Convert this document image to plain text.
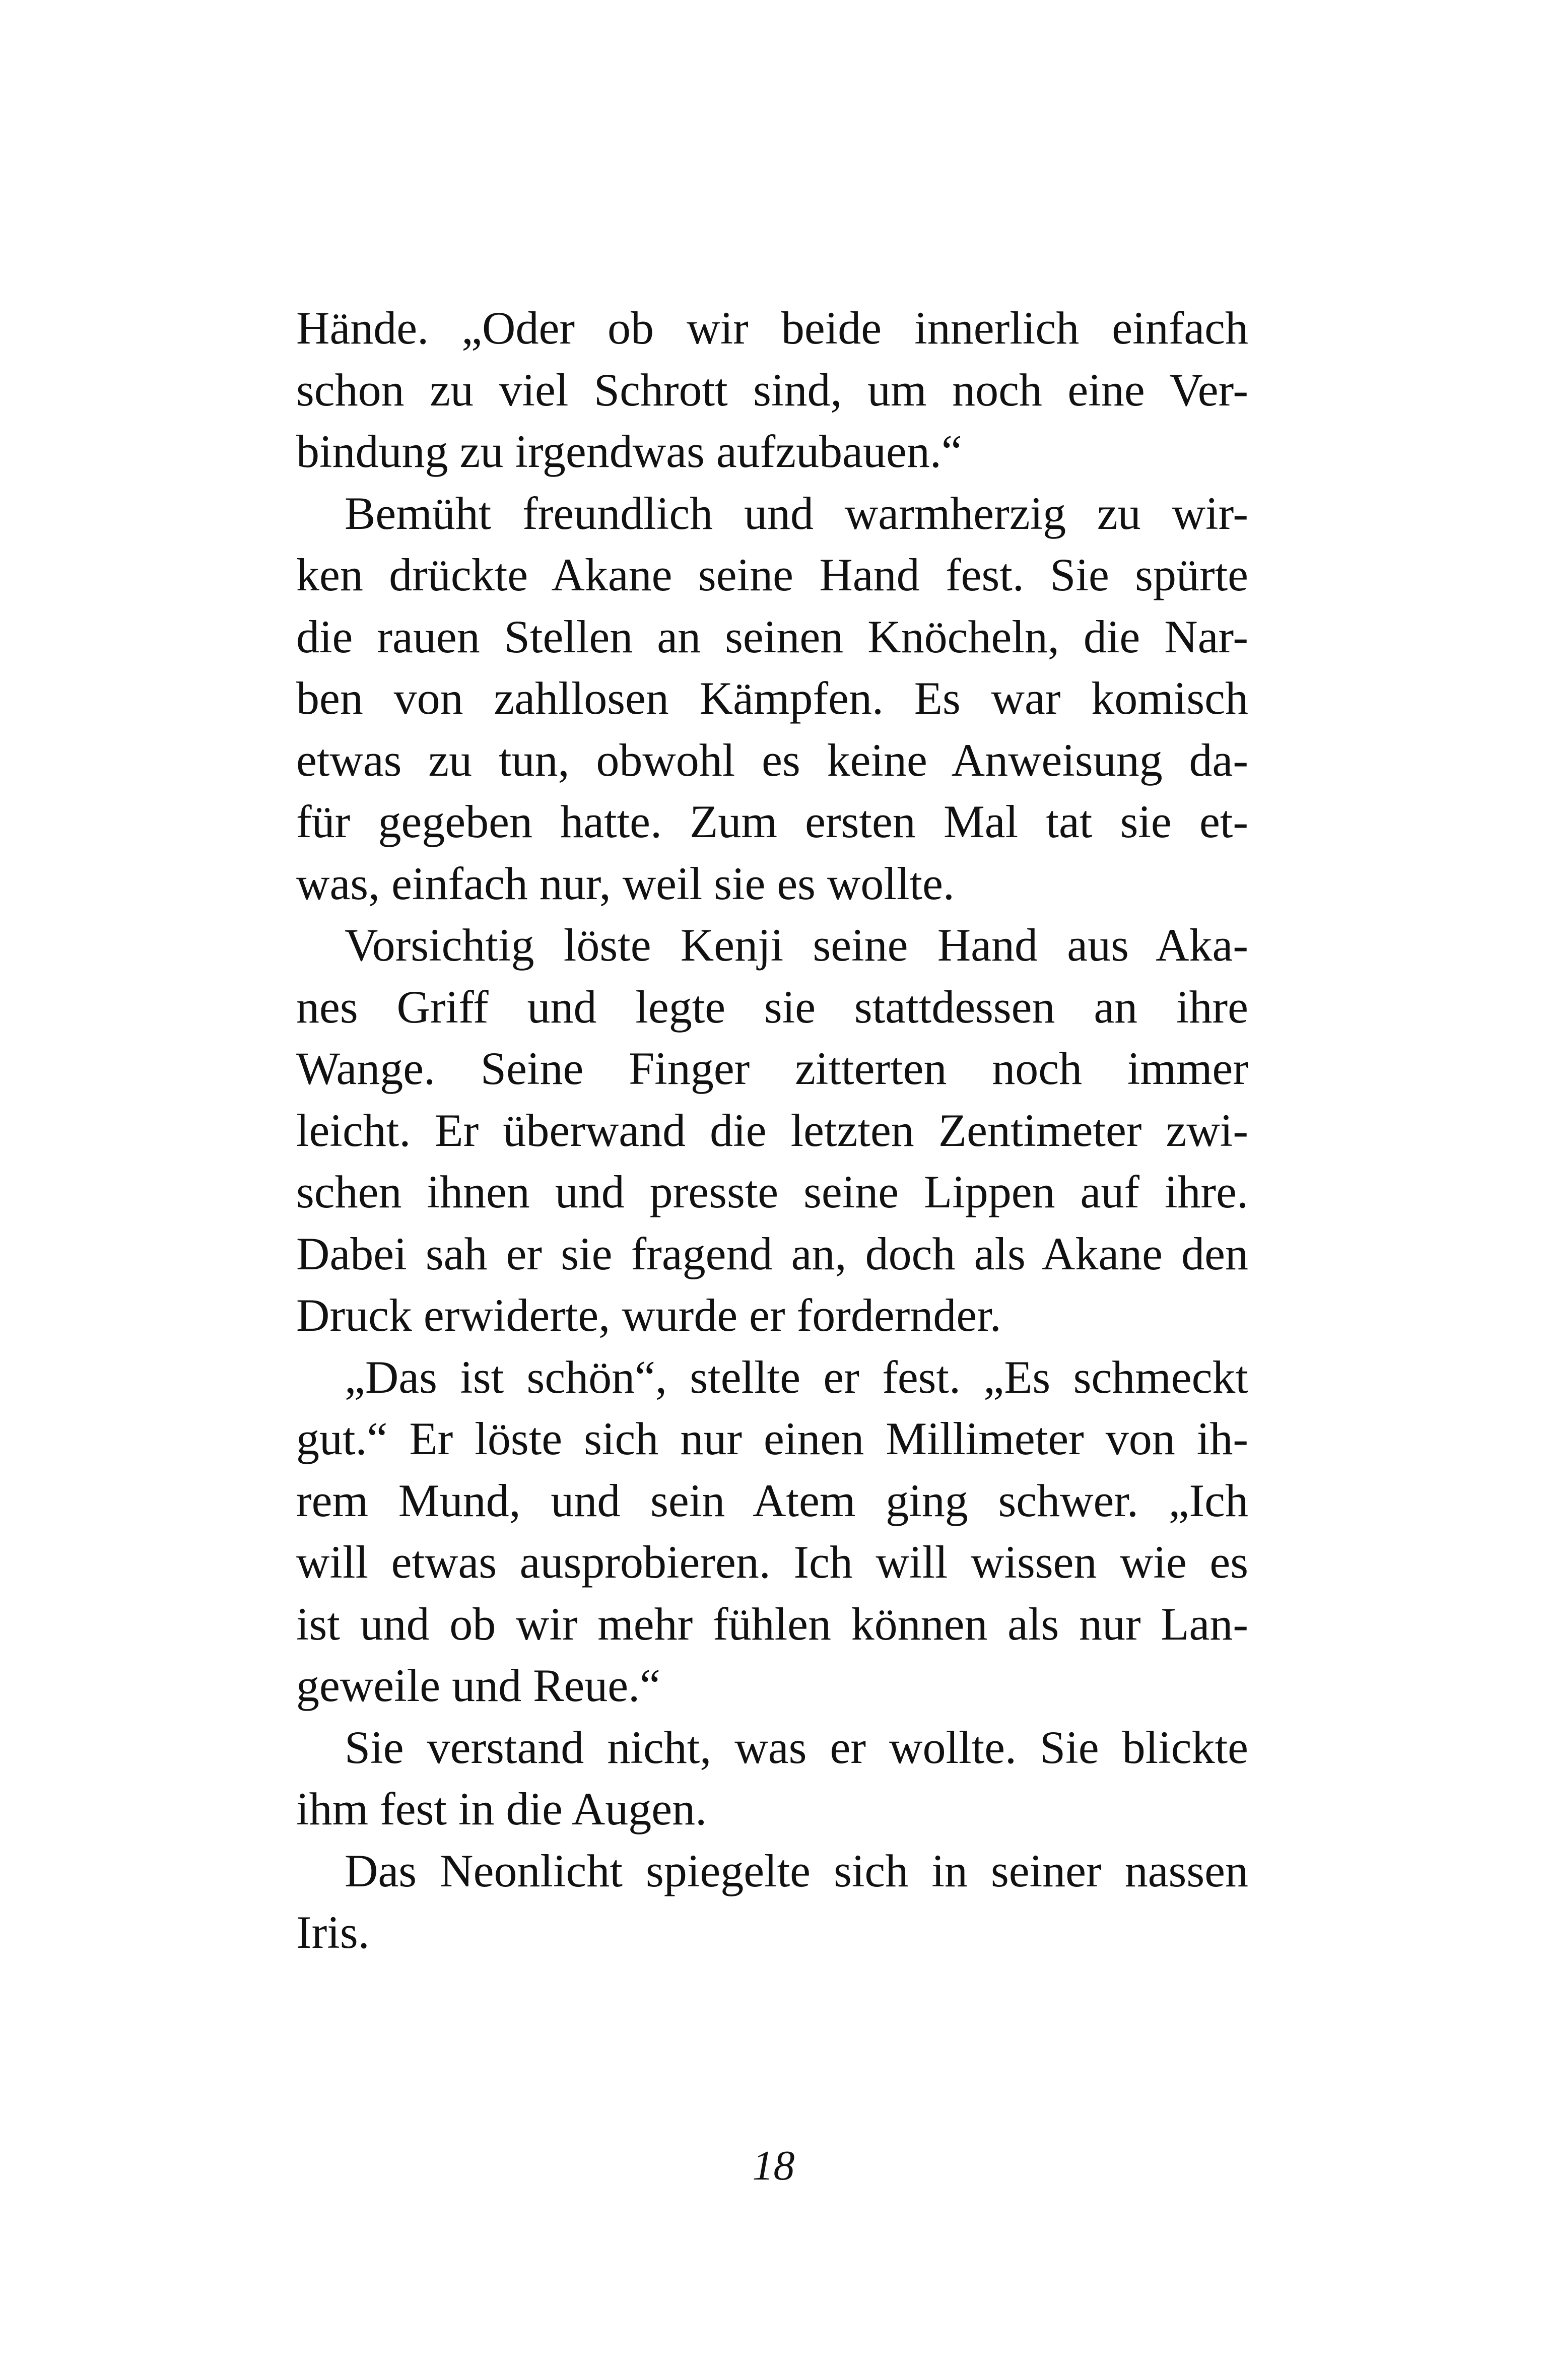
Hände. „Oder ob wir beide innerlich einfach
schon zu viel Schrott sind, um noch eine Ver-
bindung zu irgendwas aufzubauen.“
Bemüht freundlich und warmherzig zu wir-
ken drückte Akane seine Hand fest. Sie spürte
die rauen Stellen an seinen Knöcheln, die Nar-
ben von zahllosen Kämpfen. Es war komisch
etwas zu tun, obwohl es keine Anweisung da-
für gegeben hatte. Zum ersten Mal tat sie et-
was, einfach nur, weil sie es wollte.
Vorsichtig löste Kenji seine Hand aus Aka-
nes Griff und legte sie stattdessen an ihre
Wange. Seine Finger zitterten noch immer
leicht. Er überwand die letzten Zentimeter zwi-
schen ihnen und presste seine Lippen auf ihre.
Dabei sah er sie fragend an, doch als Akane den
Druck erwiderte, wurde er fordernder.
„Das ist schön“, stellte er fest. „Es schmeckt
gut.“ Er löste sich nur einen Millimeter von ih-
rem Mund, und sein Atem ging schwer. „Ich
will etwas ausprobieren. Ich will wissen wie es
ist und ob wir mehr fühlen können als nur Lan-
geweile und Reue.“
Sie verstand nicht, was er wollte. Sie blickte
ihm fest in die Augen.
Das Neonlicht spiegelte sich in seiner nassen
Iris.
18
